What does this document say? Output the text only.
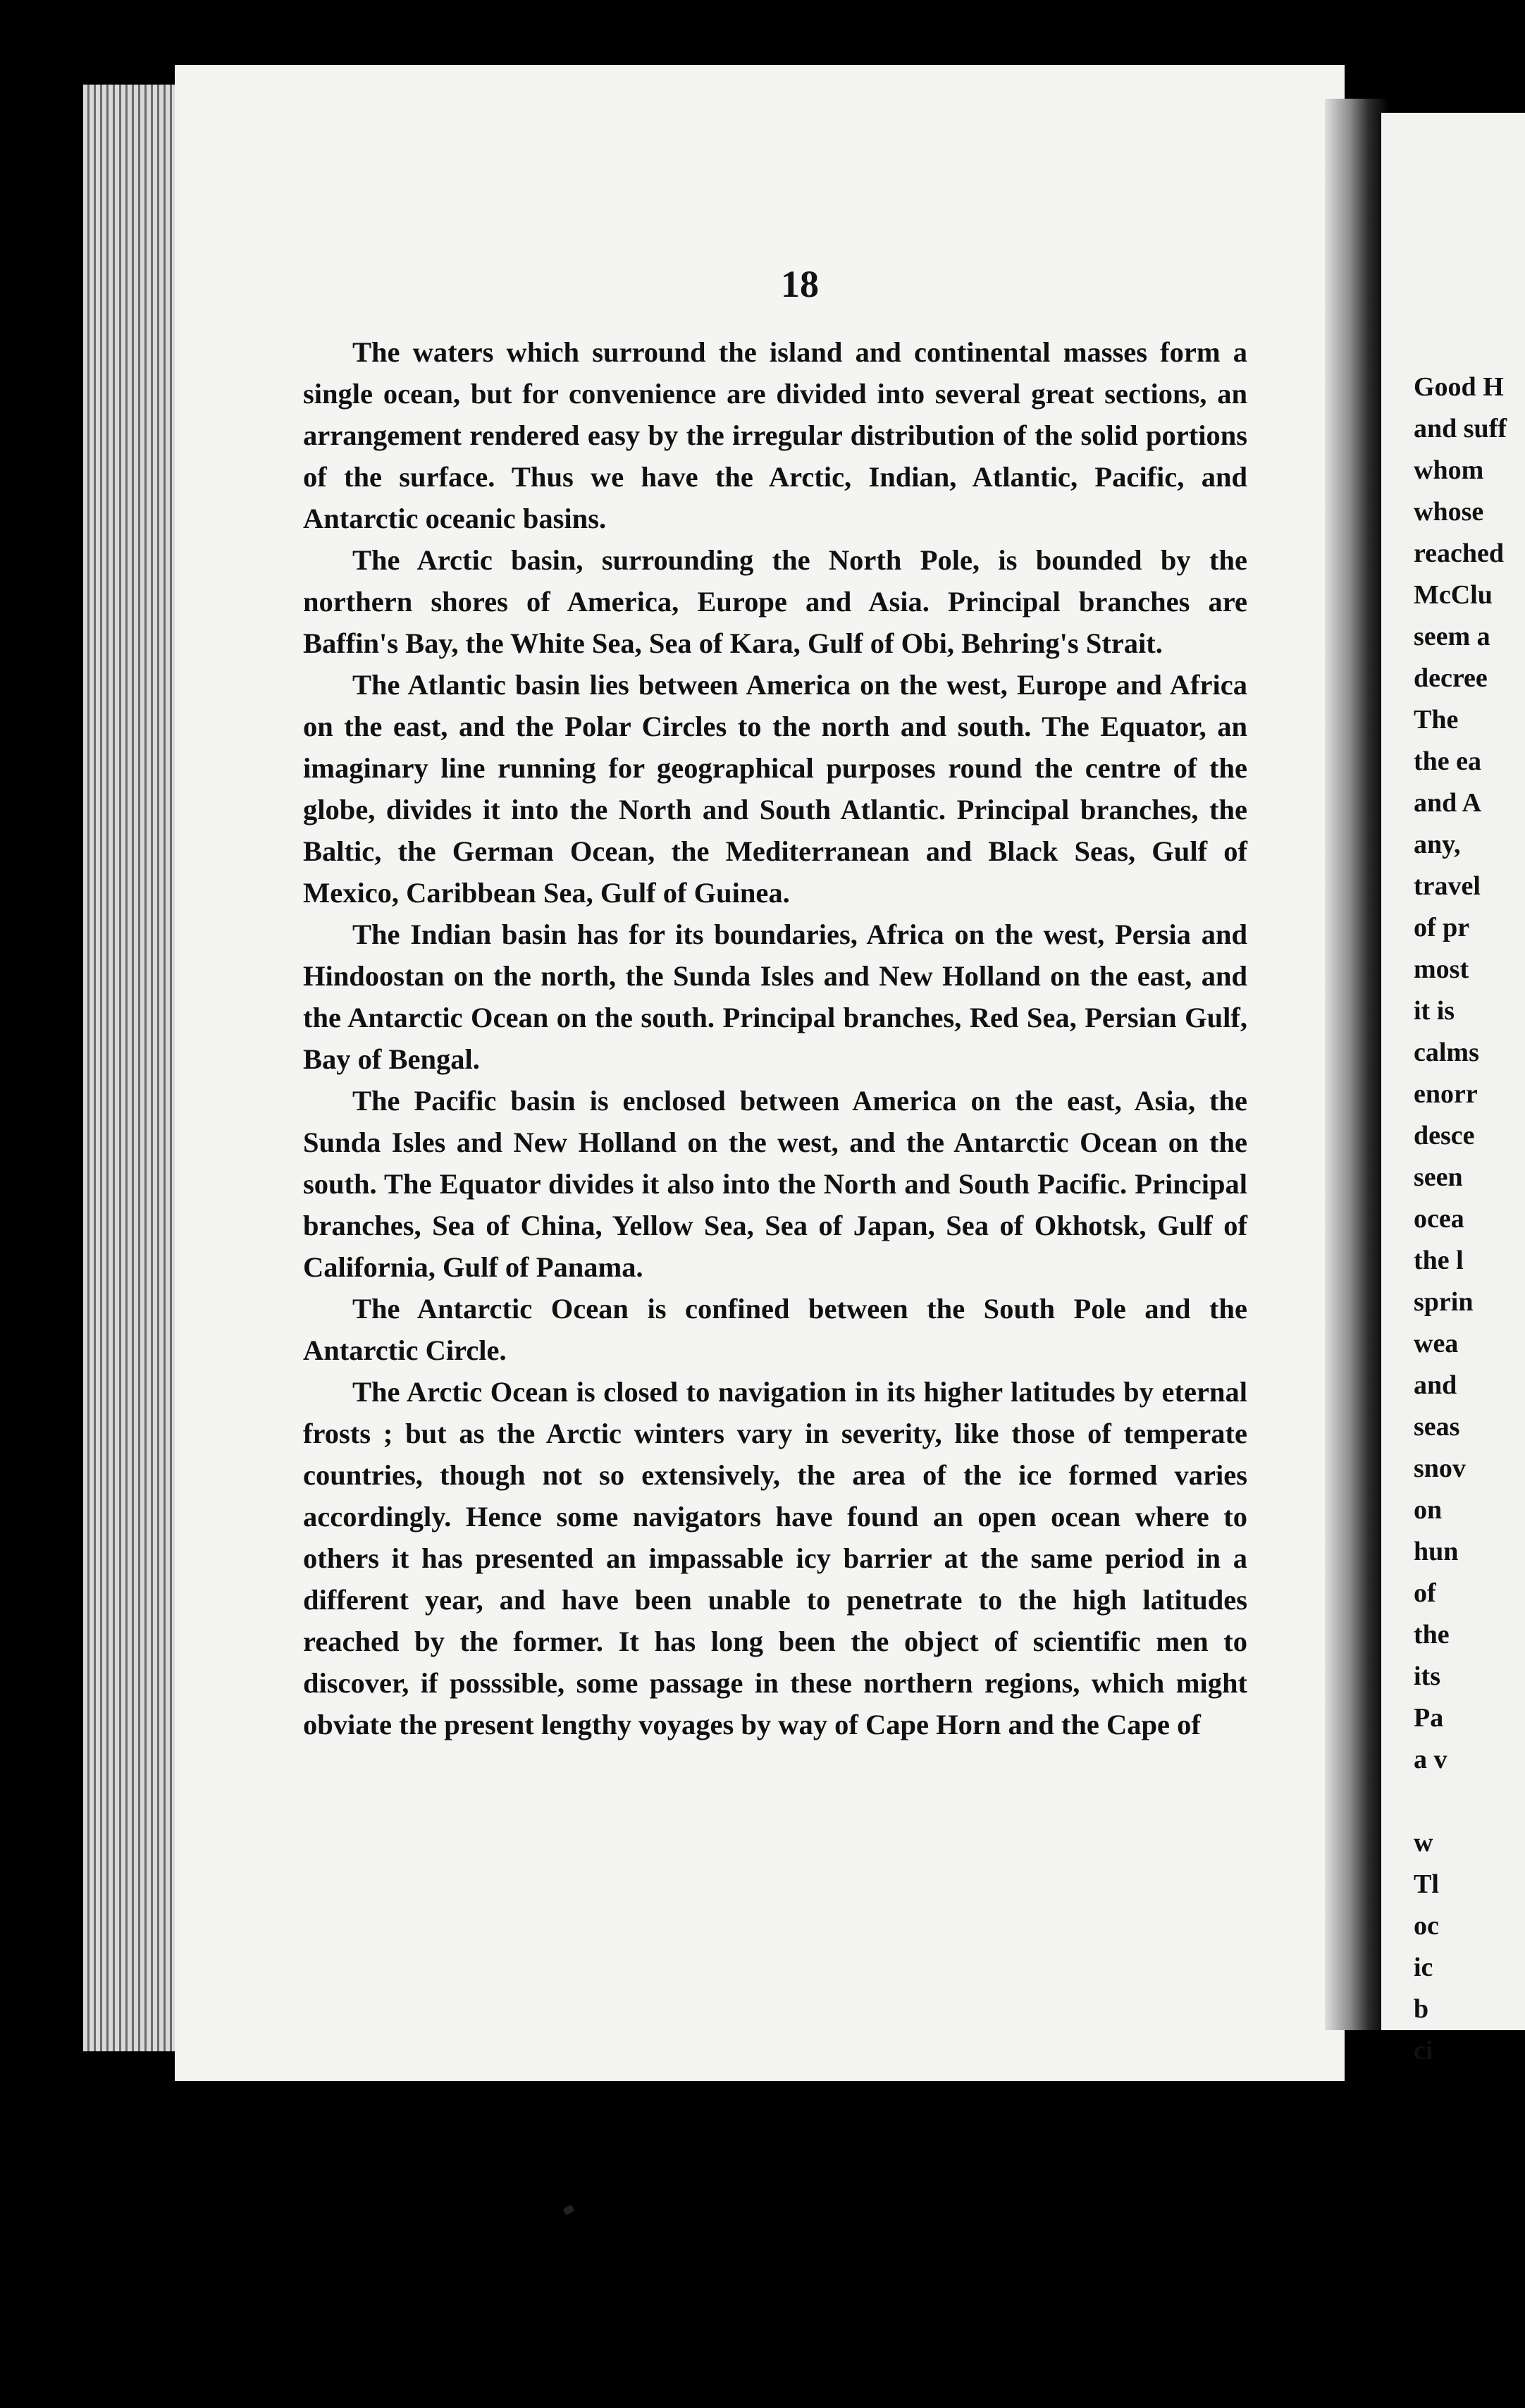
18

The waters which surround the island and continental masses form a single ocean, but for convenience are divided into several great sections, an arrangement rendered easy by the irregular distribution of the solid portions of the surface. Thus we have the Arctic, Indian, Atlantic, Pacific, and Antarctic oceanic basins.

The Arctic basin, surrounding the North Pole, is bounded by the northern shores of America, Europe and Asia. Principal branches are Baffin's Bay, the White Sea, Sea of Kara, Gulf of Obi, Behring's Strait.

The Atlantic basin lies between America on the west, Europe and Africa on the east, and the Polar Circles to the north and south. The Equator, an imaginary line running for geographical purposes round the centre of the globe, divides it into the North and South Atlantic. Principal branches, the Baltic, the German Ocean, the Mediterranean and Black Seas, Gulf of Mexico, Caribbean Sea, Gulf of Guinea.

The Indian basin has for its boundaries, Africa on the west, Persia and Hindoostan on the north, the Sunda Isles and New Holland on the east, and the Antarctic Ocean on the south. Principal branches, Red Sea, Persian Gulf, Bay of Bengal.

The Pacific basin is enclosed between America on the east, Asia, the Sunda Isles and New Holland on the west, and the Antarctic Ocean on the south. The Equator divides it also into the North and South Pacific. Principal branches, Sea of China, Yellow Sea, Sea of Japan, Sea of Okhotsk, Gulf of California, Gulf of Panama.

The Antarctic Ocean is confined between the South Pole and the Antarctic Circle.

The Arctic Ocean is closed to navigation in its higher latitudes by eternal frosts ; but as the Arctic winters vary in severity, like those of temperate countries, though not so extensively, the area of the ice formed varies accordingly. Hence some navigators have found an open ocean where to others it has presented an impassable icy barrier at the same period in a different year, and have been unable to penetrate to the high latitudes reached by the former. It has long been the object of scientific men to discover, if posssible, some passage in these northern regions, which might obviate the present lengthy voyages by way of Cape Horn and the Cape of

Good H
and suff
whom
whose
reached
McClu
seem a
decree
The
the ea
and A
any,
travel
of pr
most
it is
calms
enorr
desce
seen
ocea
the l
sprin
wea
and
seas
snov
on
hun
of
the
its
Pa
a v
w
Tl
oc
ic
b
ci
